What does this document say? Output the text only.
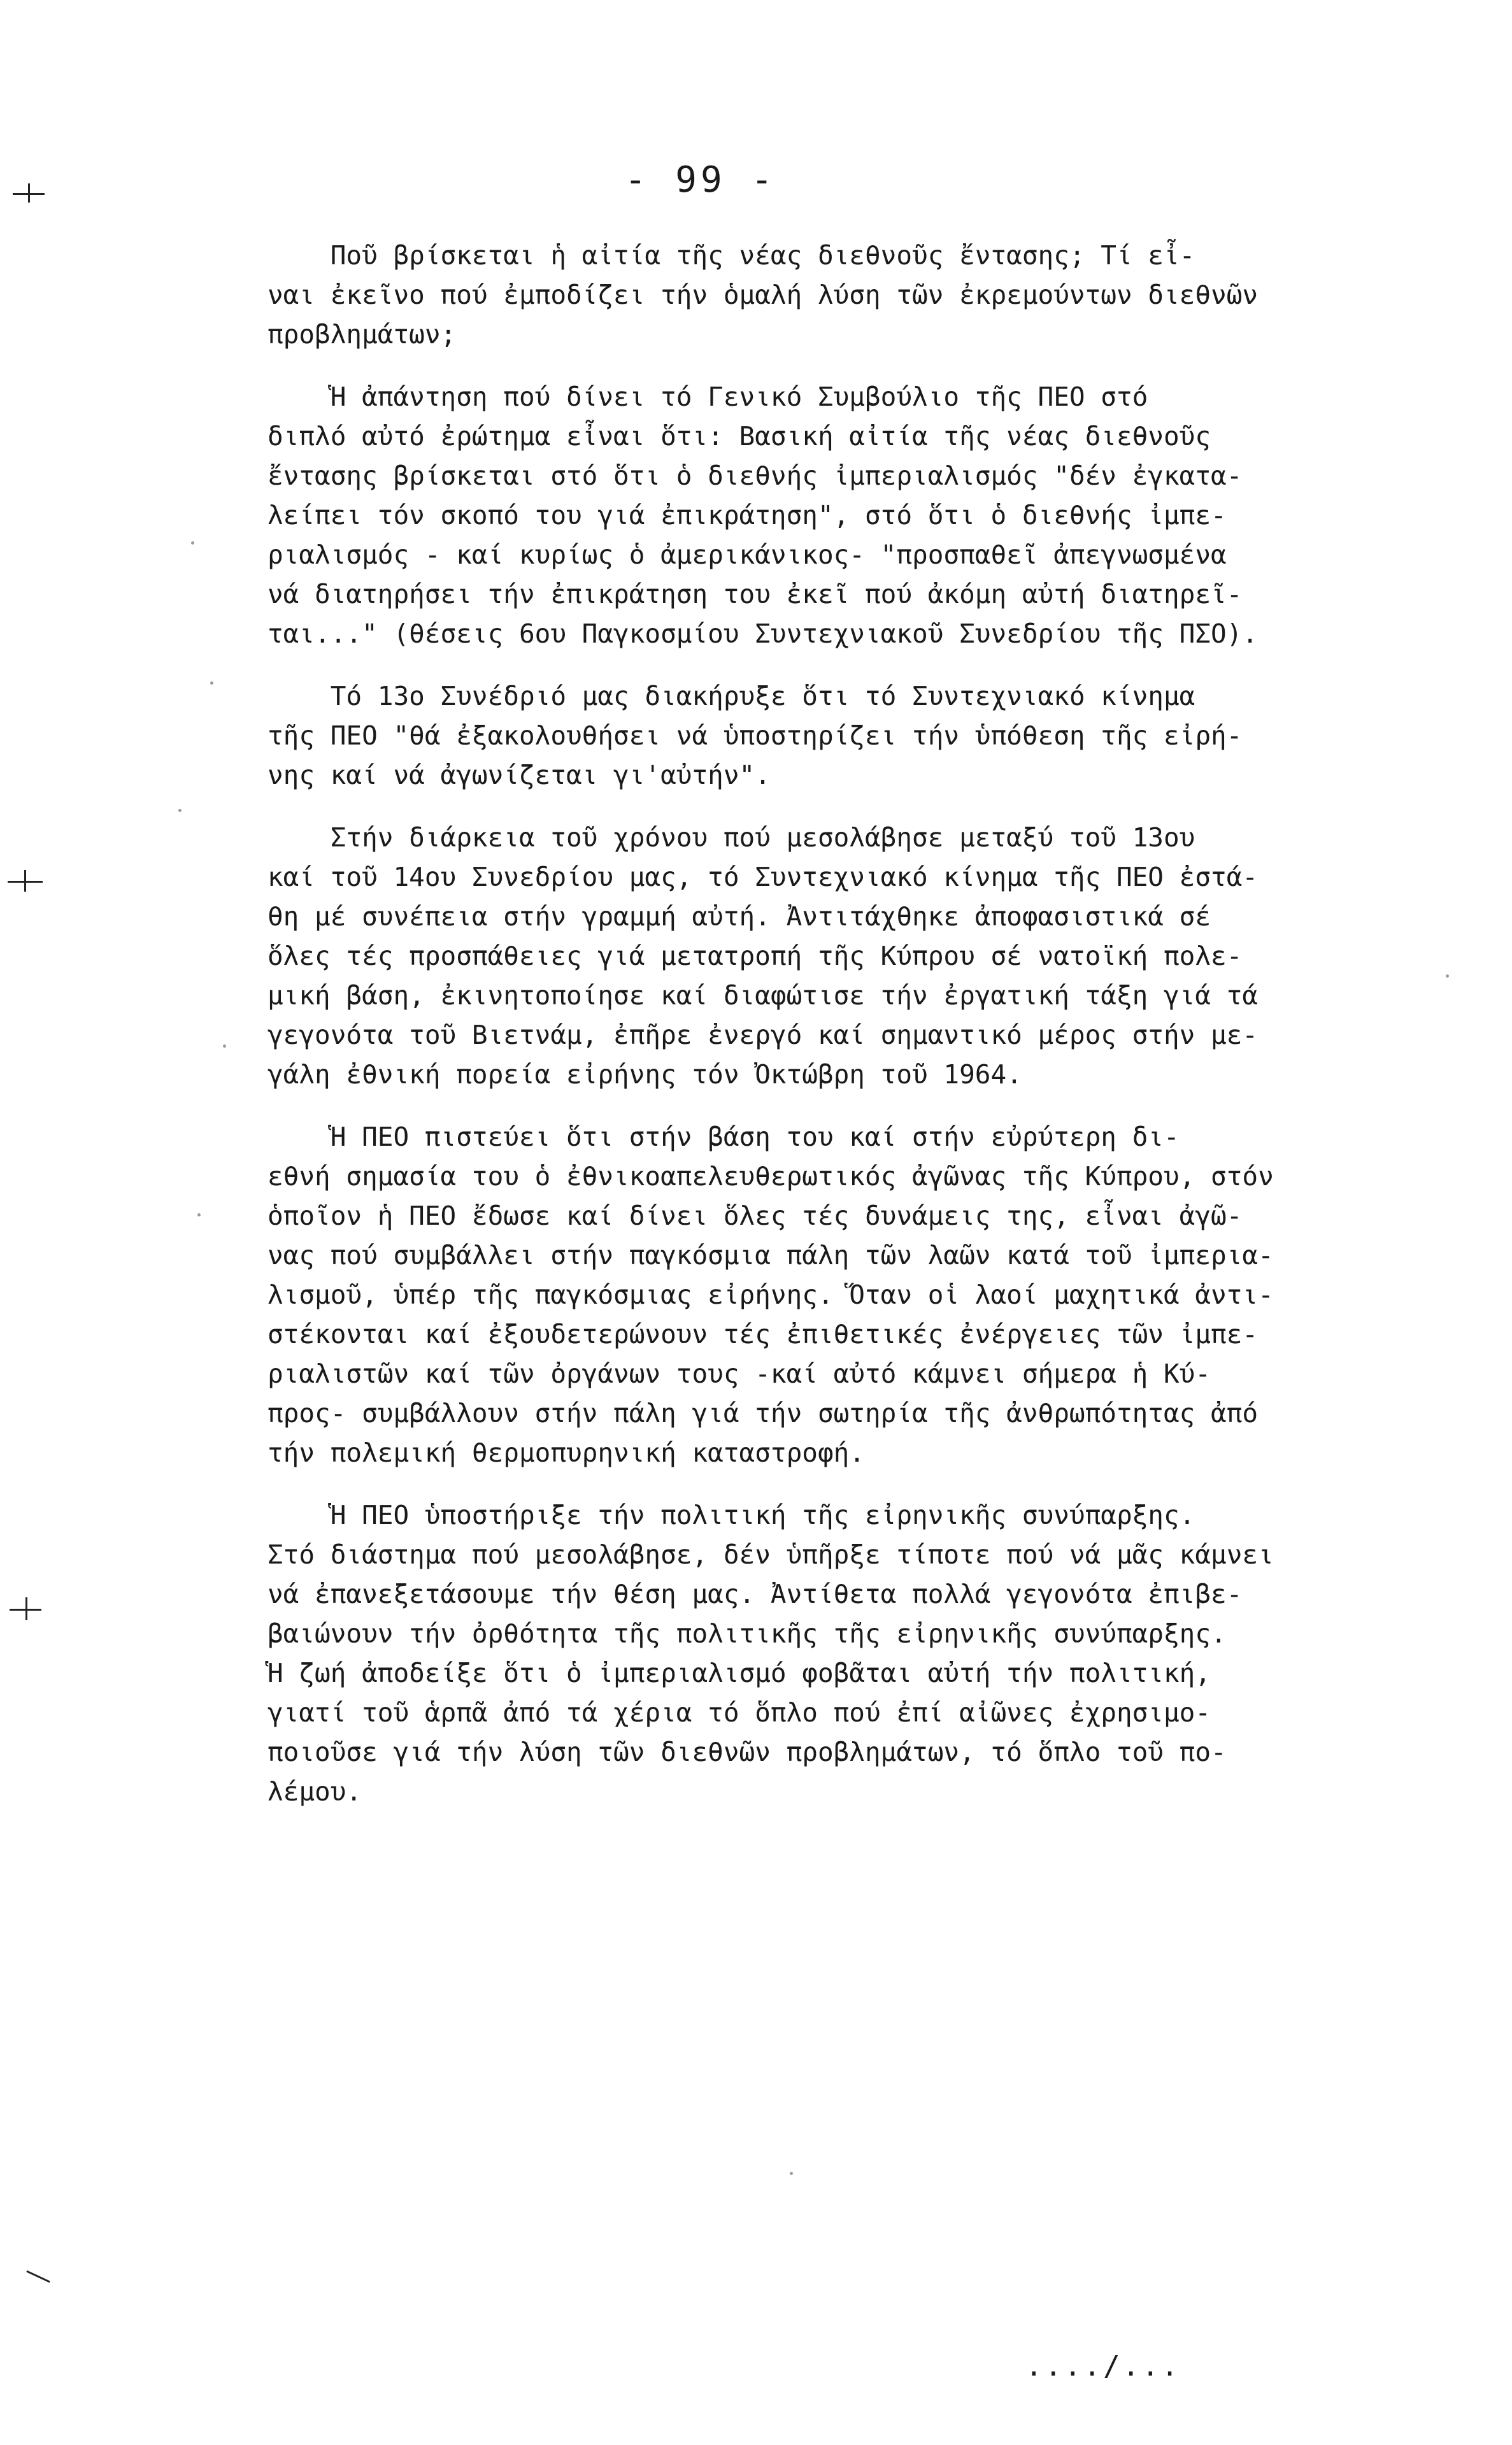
- 99 -
Ποῦ βρίσκεται ἡ αἰτία τῆς νέας διεθνοῦς ἔντασης; Τί εἶ-
ναι ἐκεῖνο πού ἐμποδίζει τήν ὁμαλή λύση τῶν ἐκρεμούντων διεθνῶν
προβλημάτων;
Ἡ ἀπάντηση πού δίνει τό Γενικό Συμβούλιο τῆς ΠΕΟ στό
διπλό αὐτό ἐρώτημα εἶναι ὅτι: Βασική αἰτία τῆς νέας διεθνοῦς
ἔντασης βρίσκεται στό ὅτι ὁ διεθνής ἰμπεριαλισμός "δέν ἐγκατα-
λείπει τόν σκοπό του γιά ἐπικράτηση", στό ὅτι ὁ διεθνής ἰμπε-
ριαλισμός - καί κυρίως ὁ ἀμερικάνικος- "προσπαθεῖ ἀπεγνωσμένα
νά διατηρήσει τήν ἐπικράτηση του ἐκεῖ πού ἀκόμη αὐτή διατηρεῖ-
ται..." (θέσεις 6ου Παγκοσμίου Συντεχνιακοῦ Συνεδρίου τῆς ΠΣΟ).
Τό 13ο Συνέδριό μας διακήρυξε ὅτι τό Συντεχνιακό κίνημα
τῆς ΠΕΟ "θά ἐξακολουθήσει νά ὑποστηρίζει τήν ὑπόθεση τῆς εἰρή-
νης καί νά ἀγωνίζεται γι'αὐτήν".
Στήν διάρκεια τοῦ χρόνου πού μεσολάβησε μεταξύ τοῦ 13ου
καί τοῦ 14ου Συνεδρίου μας, τό Συντεχνιακό κίνημα τῆς ΠΕΟ ἐστά-
θη μέ συνέπεια στήν γραμμή αὐτή. Ἀντιτάχθηκε ἀποφασιστικά σέ
ὅλες τές προσπάθειες γιά μετατροπή τῆς Κύπρου σέ νατοϊκή πολε-
μική βάση, ἐκινητοποίησε καί διαφώτισε τήν ἐργατική τάξη γιά τά
γεγονότα τοῦ Βιετνάμ, ἐπῆρε ἐνεργό καί σημαντικό μέρος στήν με-
γάλη ἐθνική πορεία εἰρήνης τόν Ὀκτώβρη τοῦ 1964.
Ἡ ΠΕΟ πιστεύει ὅτι στήν βάση του καί στήν εὐρύτερη δι-
εθνή σημασία του ὁ ἐθνικοαπελευθερωτικός ἀγῶνας τῆς Κύπρου, στόν
ὁποῖον ἡ ΠΕΟ ἔδωσε καί δίνει ὅλες τές δυνάμεις της, εἶναι ἀγῶ-
νας πού συμβάλλει στήν παγκόσμια πάλη τῶν λαῶν κατά τοῦ ἰμπερια-
λισμοῦ, ὑπέρ τῆς παγκόσμιας εἰρήνης. Ὅταν οἱ λαοί μαχητικά ἀντι-
στέκονται καί ἐξουδετερώνουν τές ἐπιθετικές ἐνέργειες τῶν ἰμπε-
ριαλιστῶν καί τῶν ὀργάνων τους -καί αὐτό κάμνει σήμερα ἡ Κύ-
προς- συμβάλλουν στήν πάλη γιά τήν σωτηρία τῆς ἀνθρωπότητας ἀπό
τήν πολεμική θερμοπυρηνική καταστροφή.
Ἡ ΠΕΟ ὑποστήριξε τήν πολιτική τῆς εἰρηνικῆς συνύπαρξης.
Στό διάστημα πού μεσολάβησε, δέν ὑπῆρξε τίποτε πού νά μᾶς κάμνει
νά ἐπανεξετάσουμε τήν θέση μας. Ἀντίθετα πολλά γεγονότα ἐπιβε-
βαιώνουν τήν ὀρθότητα τῆς πολιτικῆς τῆς εἰρηνικῆς συνύπαρξης.
Ἡ ζωή ἀποδείξε ὅτι ὁ ἰμπεριαλισμό φοβᾶται αὐτή τήν πολιτική,
γιατί τοῦ ἁρπᾶ ἀπό τά χέρια τό ὅπλο πού ἐπί αἰῶνες ἐχρησιμο-
ποιοῦσε γιά τήν λύση τῶν διεθνῶν προβλημάτων, τό ὅπλο τοῦ πο-
λέμου.
..../...
